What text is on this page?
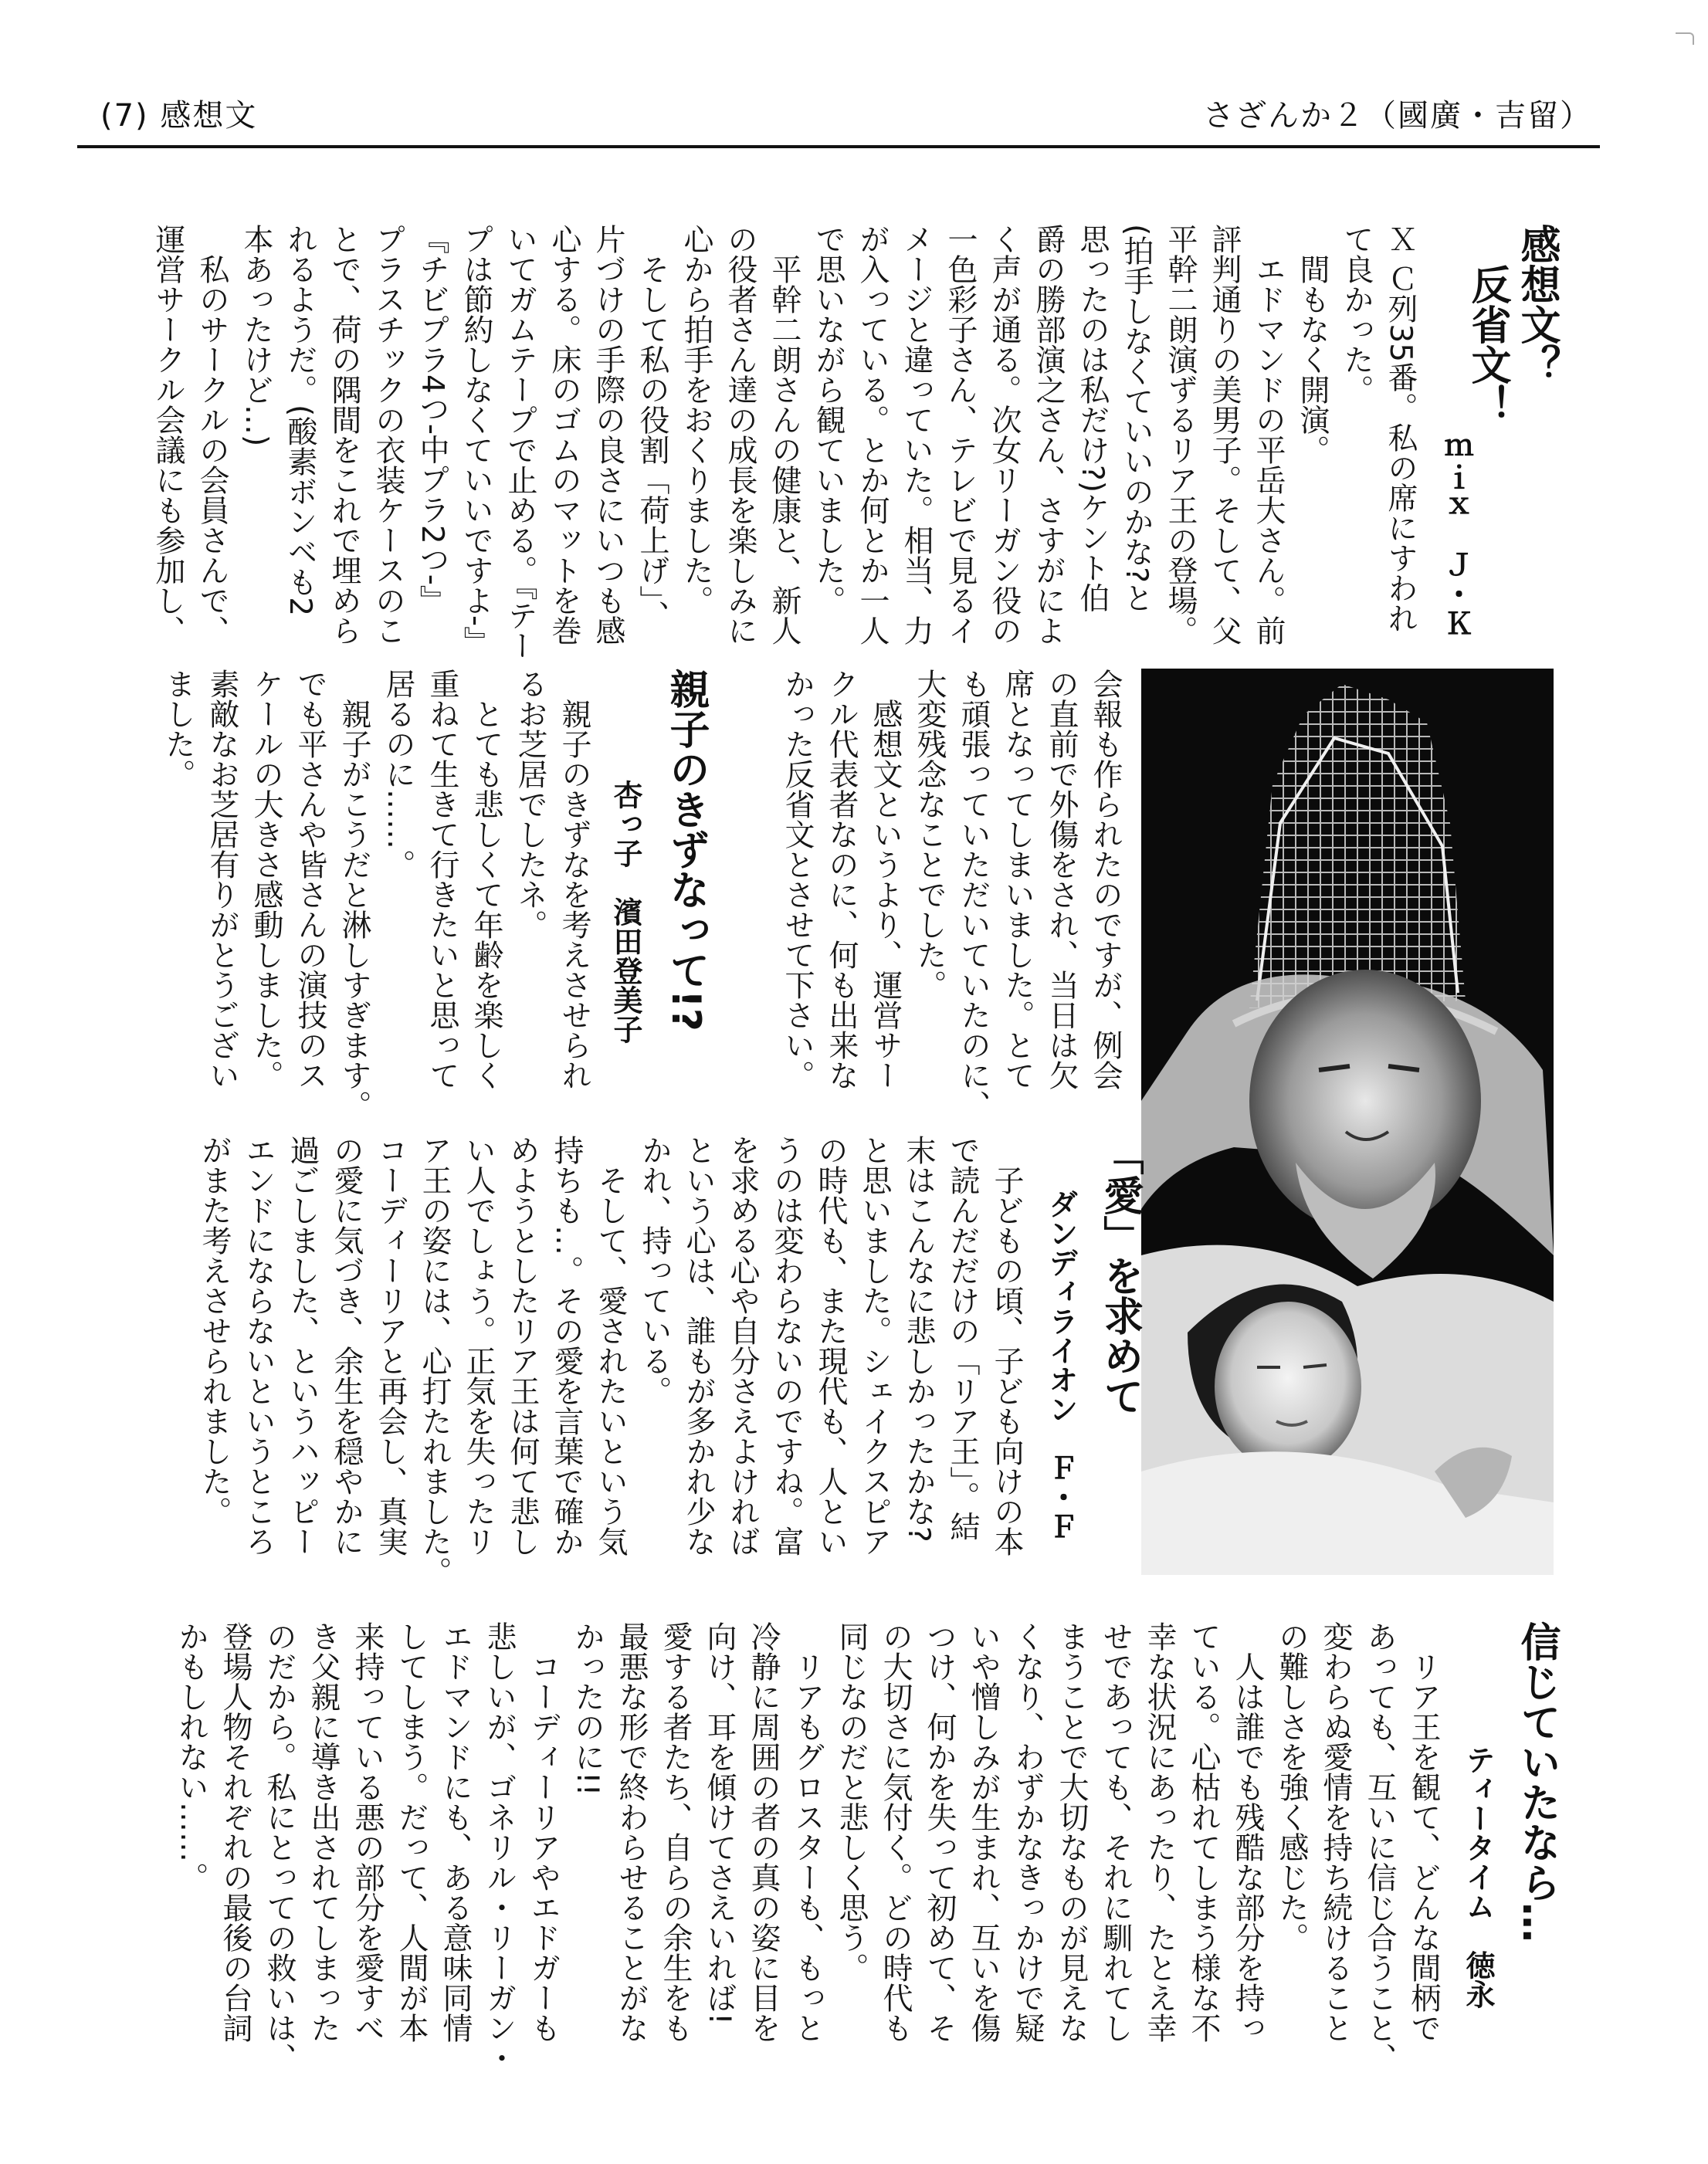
(7) 感想文	さざんか２（國廣・吉留）
感想文？
　反省文！
ｍｉｘ　Ｊ・Ｋ
Ｘ Ｃ列35番。私の席にすわれ
て良かった。
　間もなく開演。
　エドマンドの平岳大さん。前
評判通りの美男子。そして、父
平幹二朗演ずるリア王の登場。
(拍手しなくていいのかな?と
思ったのは私だけ?)ケント伯
爵の勝部演之さん、さすがによ
く声が通る。次女リーガン役の
一色彩子さん、テレビで見るイ
メージと違っていた。相当、力
が入っている。とか何とか一人
で思いながら観ていました。
　平幹二朗さんの健康と、新人
の役者さん達の成長を楽しみに
心から拍手をおくりました。
　そして私の役割「荷上げ」、
片づけの手際の良さにいつも感
心する。床のゴムのマットを巻
いてガムテープで止める。『テー
プは節約しなくていいですよ-』
『チビプラ4つ-中プラ2つ-』
プラスチックの衣装ケースのこ
とで、荷の隅間をこれで埋めら
れるようだ。(酸素ボンベも2
本あったけど…)
　私のサークルの会員さんで、
運営サークル会議にも参加し、
会報も作られたのですが、例会
の直前で外傷をされ、当日は欠
席となってしまいました。とて
も頑張っていただいていたのに、
大変残念なことでした。
　感想文というより、運営サー
クル代表者なのに、何も出来な
かった反省文とさせて下さい。
親子のきずなって!?
杏っ子　濱田登美子
　親子のきずなを考えさせられ
るお芝居でしたネ。
　とても悲しくて年齢を楽しく
重ねて生きて行きたいと思って
居るのに……。
　親子がこうだと淋しすぎます。
でも平さんや皆さんの演技のス
ケールの大きさ感動しました。
素敵なお芝居有りがとうござい
ました。
「愛」を求めて
ダンディライオン　Ｆ・Ｆ
　子どもの頃、子ども向けの本
で読んだだけの「リア王」。結
末はこんなに悲しかったかな?
と思いました。シェイクスピア
の時代も、また現代も、人とい
うのは変わらないのですね。富
を求める心や自分さえよければ
という心は、誰もが多かれ少な
かれ、持っている。
　そして、愛されたいという気
持ちも…。その愛を言葉で確か
めようとしたリア王は何て悲し
い人でしょう。正気を失ったリ
ア王の姿には、心打たれました。
コーディーリアと再会し、真実
の愛に気づき、余生を穏やかに
過ごしました、というハッピー
エンドにならないというところ
がまた考えさせられました。
信じていたなら…
ティータイム　徳永
　リア王を観て、どんな間柄で
あっても、互いに信じ合うこと、
変わらぬ愛情を持ち続けること
の難しさを強く感じた。
　人は誰でも残酷な部分を持っ
ている。心枯れてしまう様な不
幸な状況にあったり、たとえ幸
せであっても、それに馴れてし
まうことで大切なものが見えな
くなり、わずかなきっかけで疑
いや憎しみが生まれ、互いを傷
つけ、何かを失って初めて、そ
の大切さに気付く。どの時代も
同じなのだと悲しく思う。
　リアもグロスターも、もっと
冷静に周囲の者の真の姿に目を
向け、耳を傾けてさえいれば!
愛する者たち、自らの余生をも
最悪な形で終わらせることがな
かったのに!!
　コーディーリアやエドガーも
悲しいが、ゴネリル・リーガン・
エドマンドにも、ある意味同情
してしまう。だって、人間が本
来持っている悪の部分を愛すべ
き父親に導き出されてしまった
のだから。私にとっての救いは、
登場人物それぞれの最後の台詞
かもしれない……。
